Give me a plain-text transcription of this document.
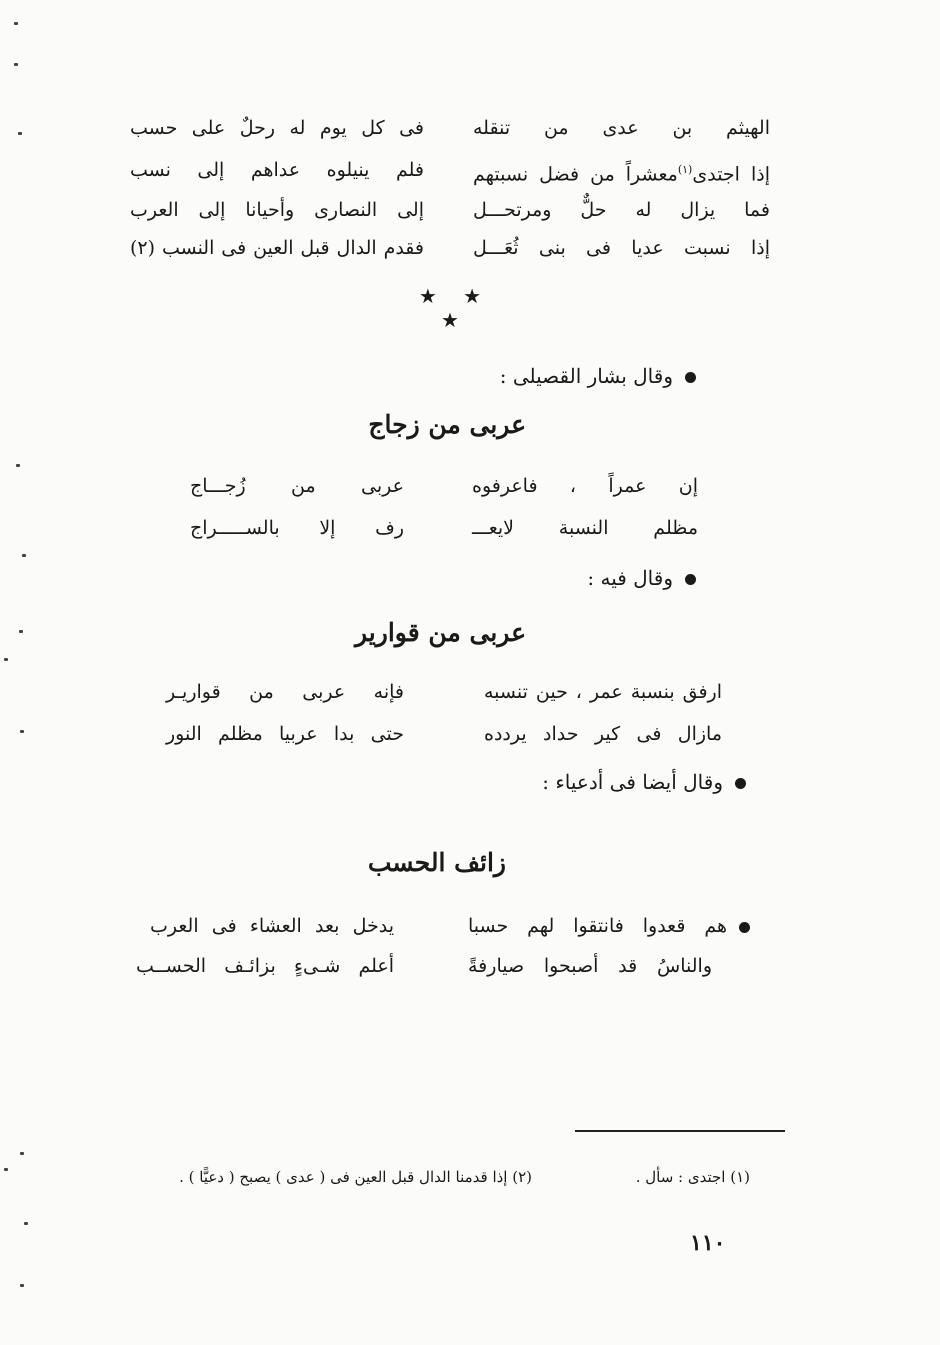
الهيثم بن عدى من تنقله
فى كل يوم له رحلٌ على حسب
إذا اجتدى$^{(١)}$معشراً من فضل نسبتهم
فلم ينيلوه عداهم إلى نسب
فما يزال له حلٌّ ومرتحـــل
إلى النصارى وأحيانا إلى العرب
إذا نسبت عديا فى بنى ثُعَـــل
فقدم الدال قبل العين فى النسب (٢)
★ ★ ★
وقال بشار القصيلى :
عربى من زجاج
إن عمراً ، فاعرفوه
عربى من زُجـــاج
مظلم النسبة لايعـــ
رف إلا بالســـــراج
وقال فيه :
عربى من قوارير
ارفق بنسبة عمر ، حين تنسبه
فإنه عربى من قواريـر
مازال فى كير حداد يردده
حتى بدا عربيا مظلم النور
وقال أيضا فى أدعياء :
زائف الحسب
هم قعدوا فانتقوا لهم حسبا
يدخل بعد العشاء فى العرب
والناسُ قد أصبحوا صيارفةً
أعلم شـىءٍ بزائـف الحســب
(١) اجتدى : سأل .
(٢) إذا قدمنا الدال قبل العين فى ( عدى ) يصبح ( دعيًّا ) .
١١٠
